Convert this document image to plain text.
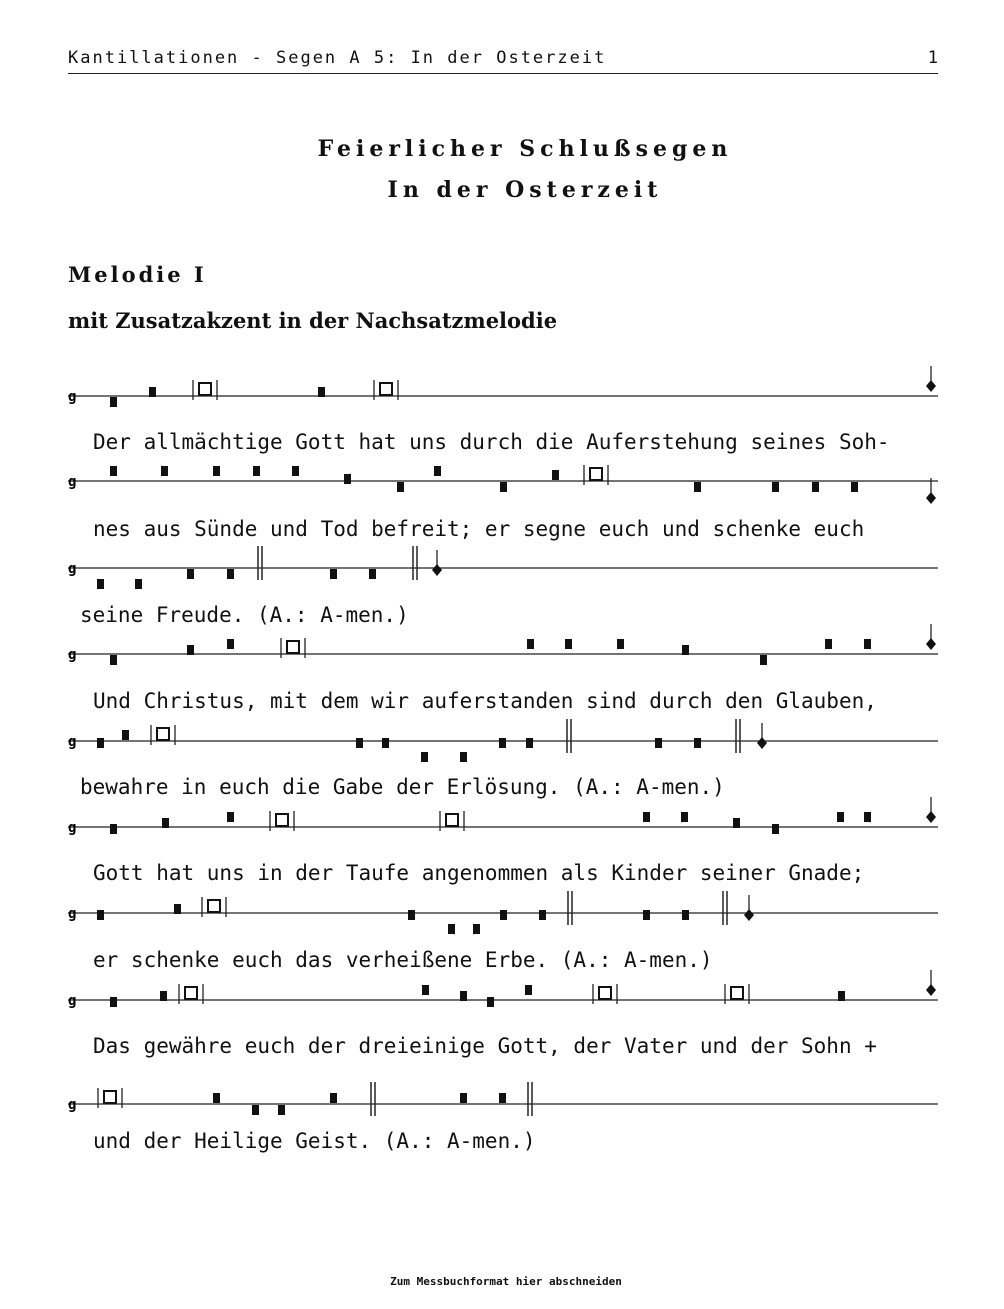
Kantillationen - Segen A 5: In der Osterzeit	1
Feierlicher Schlußsegen
In der Osterzeit
Melodie I
mit Zusatzakzent in der Nachsatzmelodie
g
g
g
g
g
g
g
g
g
Der allmächtige Gott hat uns durch die Auferstehung seines Soh-
nes aus Sünde und Tod befreit; er segne euch und schenke euch
seine Freude. (A.: A-men.)
Und Christus, mit dem wir auferstanden sind durch den Glauben,
bewahre in euch die Gabe der Erlösung. (A.: A-men.)
Gott hat uns in der Taufe angenommen als Kinder seiner Gnade;
er schenke euch das verheißene Erbe. (A.: A-men.)
Das gewähre euch der dreieinige Gott, der Vater und der Sohn +
und der Heilige Geist. (A.: A-men.)
Zum Messbuchformat hier abschneiden
